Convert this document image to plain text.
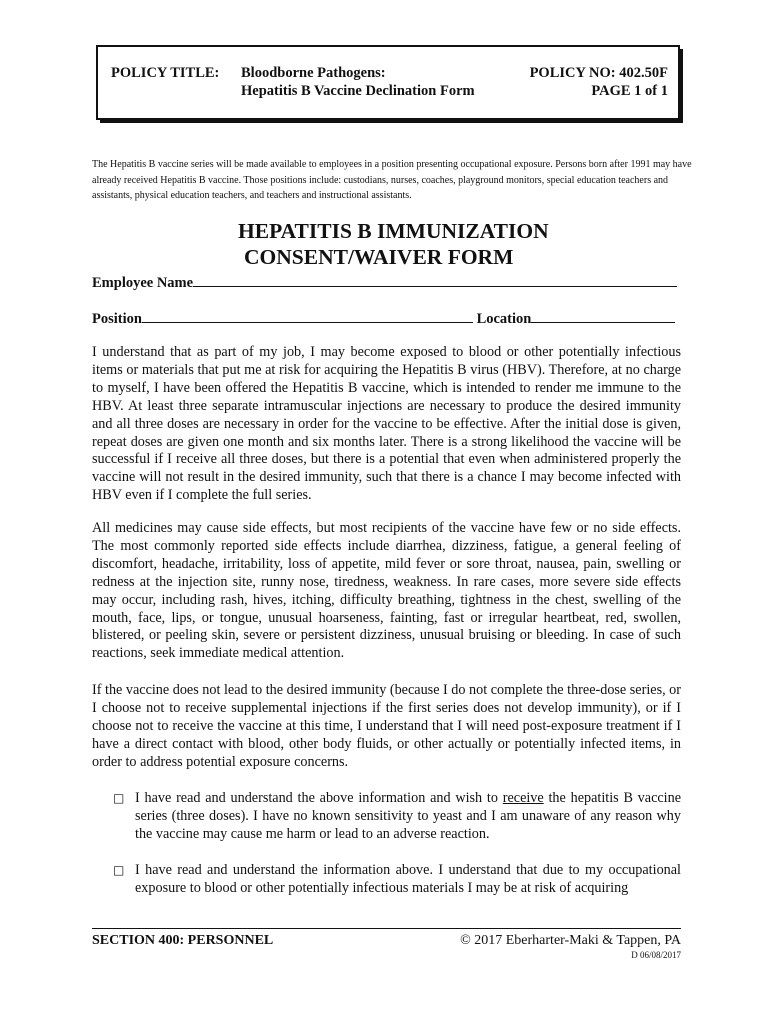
POLICY TITLE: Bloodborne Pathogens:
Hepatitis B Vaccine Declination Form
POLICY NO: 402.50F
PAGE 1 of 1
The Hepatitis B vaccine series will be made available to employees in a position presenting occupational exposure. Persons born after 1991 may have already received Hepatitis B vaccine. Those positions include: custodians, nurses, coaches, playground monitors, special education teachers and assistants, physical education teachers, and teachers and instructional assistants.
HEPATITIS B IMMUNIZATION
CONSENT/WAIVER FORM
Employee Name
Position	Location
I understand that as part of my job, I may become exposed to blood or other potentially infectious items or materials that put me at risk for acquiring the Hepatitis B virus (HBV). Therefore, at no charge to myself, I have been offered the Hepatitis B vaccine, which is intended to render me immune to the HBV. At least three separate intramuscular injections are necessary to produce the desired immunity and all three doses are necessary in order for the vaccine to be effective. After the initial dose is given, repeat doses are given one month and six months later. There is a strong likelihood the vaccine will be successful if I receive all three doses, but there is a potential that even when administered properly the vaccine will not result in the desired immunity, such that there is a chance I may become infected with HBV even if I complete the full series.
All medicines may cause side effects, but most recipients of the vaccine have few or no side effects. The most commonly reported side effects include diarrhea, dizziness, fatigue, a general feeling of discomfort, headache, irritability, loss of appetite, mild fever or sore throat, nausea, pain, swelling or redness at the injection site, runny nose, tiredness, weakness. In rare cases, more severe side effects may occur, including rash, hives, itching, difficulty breathing, tightness in the chest, swelling of the mouth, face, lips, or tongue, unusual hoarseness, fainting, fast or irregular heartbeat, red, swollen, blistered, or peeling skin, severe or persistent dizziness, unusual bruising or bleeding. In case of such reactions, seek immediate medical attention.
If the vaccine does not lead to the desired immunity (because I do not complete the three-dose series, or I choose not to receive supplemental injections if the first series does not develop immunity), or if I choose not to receive the vaccine at this time, I understand that I will need post-exposure treatment if I have a direct contact with blood, other body fluids, or other actually or potentially infected items, in order to address potential exposure concerns.
□ I have read and understand the above information and wish to receive the hepatitis B vaccine series (three doses). I have no known sensitivity to yeast and I am unaware of any reason why the vaccine may cause me harm or lead to an adverse reaction.
□ I have read and understand the information above. I understand that due to my occupational exposure to blood or other potentially infectious materials I may be at risk of acquiring
SECTION 400: PERSONNEL	© 2017 Eberharter-Maki & Tappen, PA
D 06/08/2017
